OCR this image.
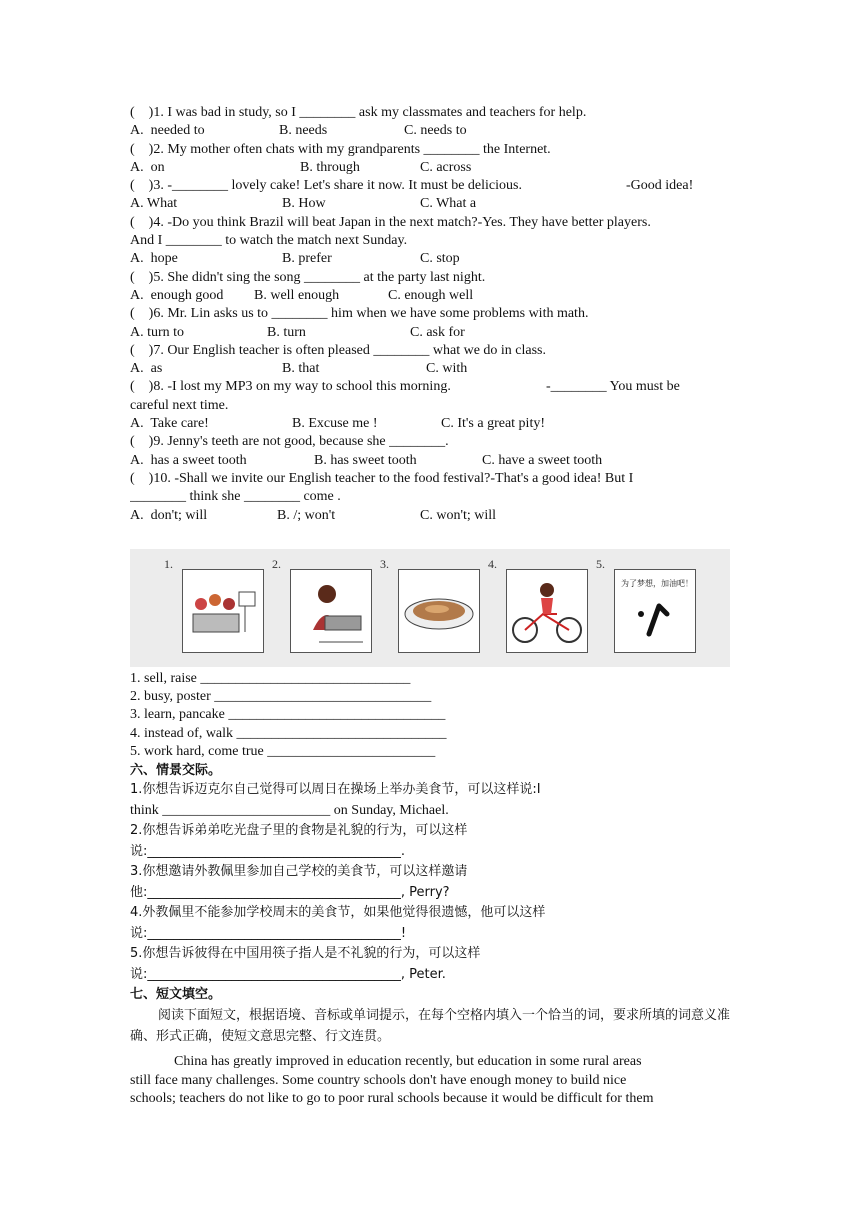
(    )1. I was bad in study, so I ________ ask my classmates and teachers for help.

A.  needed to

	B. needs

	C. needs to

(    )2. My mother often chats with my grandparents ________ the Internet.

A.  on

	B. through

	C. across

(    )3. -________ lovely cake! Let's share it now. It must be delicious.

	-Good idea!

A. What

	B. How

	C. What a

(    )4. -Do you think Brazil will beat Japan in the next match?-Yes. They have better players.
And I ________ to watch the match next Sunday.

A.  hope

	B. prefer

	C. stop

(    )5. She didn't sing the song ________ at the party last night.

A.  enough good

B. well enough

	C. enough well

(    )6. Mr. Lin asks us to ________ him when we have some problems with math.

A. turn to

	B. turn

	C. ask for

(    )7. Our English teacher is often pleased ________ what we do in class.

A.  as

	B. that

	C. with

(    )8. -I lost my MP3 on my way to school this morning.

	-________ You must be

careful next time.

A.  Take care!

	B. Excuse me !

	C. It's a great pity!

(    )9. Jenny's teeth are not good, because she ________.

A.  has a sweet tooth

	B. has sweet tooth

	C. have a sweet tooth

(    )10. -Shall we invite our English teacher to the food festival?-That's a good idea! But I
________ think she ________ come .

A.  don't; will

	B. /; won't

	C. won't; will

1.	2.	3.	4.	5.
为了梦想，加油吧！
1. sell, raise ______________________________
2. busy, poster _______________________________
3. learn, pancake _______________________________
4. instead of, walk ______________________________
5. work hard, come true ________________________
六、情景交际。
1.你想告诉迈克尔自己觉得可以周日在操场上举办美食节，可以这样说:I
think ________________________ on Sunday, Michael.
2.你想告诉弟弟吃光盘子里的食物是礼貌的行为，可以这样
说:_______________________________________.
3.你想邀请外教佩里参加自己学校的美食节，可以这样邀请
他:_______________________________________, Perry?
4.外教佩里不能参加学校周末的美食节，如果他觉得很遗憾，他可以这样
说:_______________________________________!
5.你想告诉彼得在中国用筷子指人是不礼貌的行为，可以这样
说:_______________________________________, Peter.
七、短文填空。
阅读下面短文，根据语境、音标或单词提示，在每个空格内填入一个恰当的词，要求所填的词意义准确、形式正确，使短文意思完整、行文连贯。
China has greatly improved in education recently, but education in some rural areas
still face many challenges. Some country schools don't have enough money to build nice
schools; teachers do not like to go to poor rural schools because it would be difficult for them
